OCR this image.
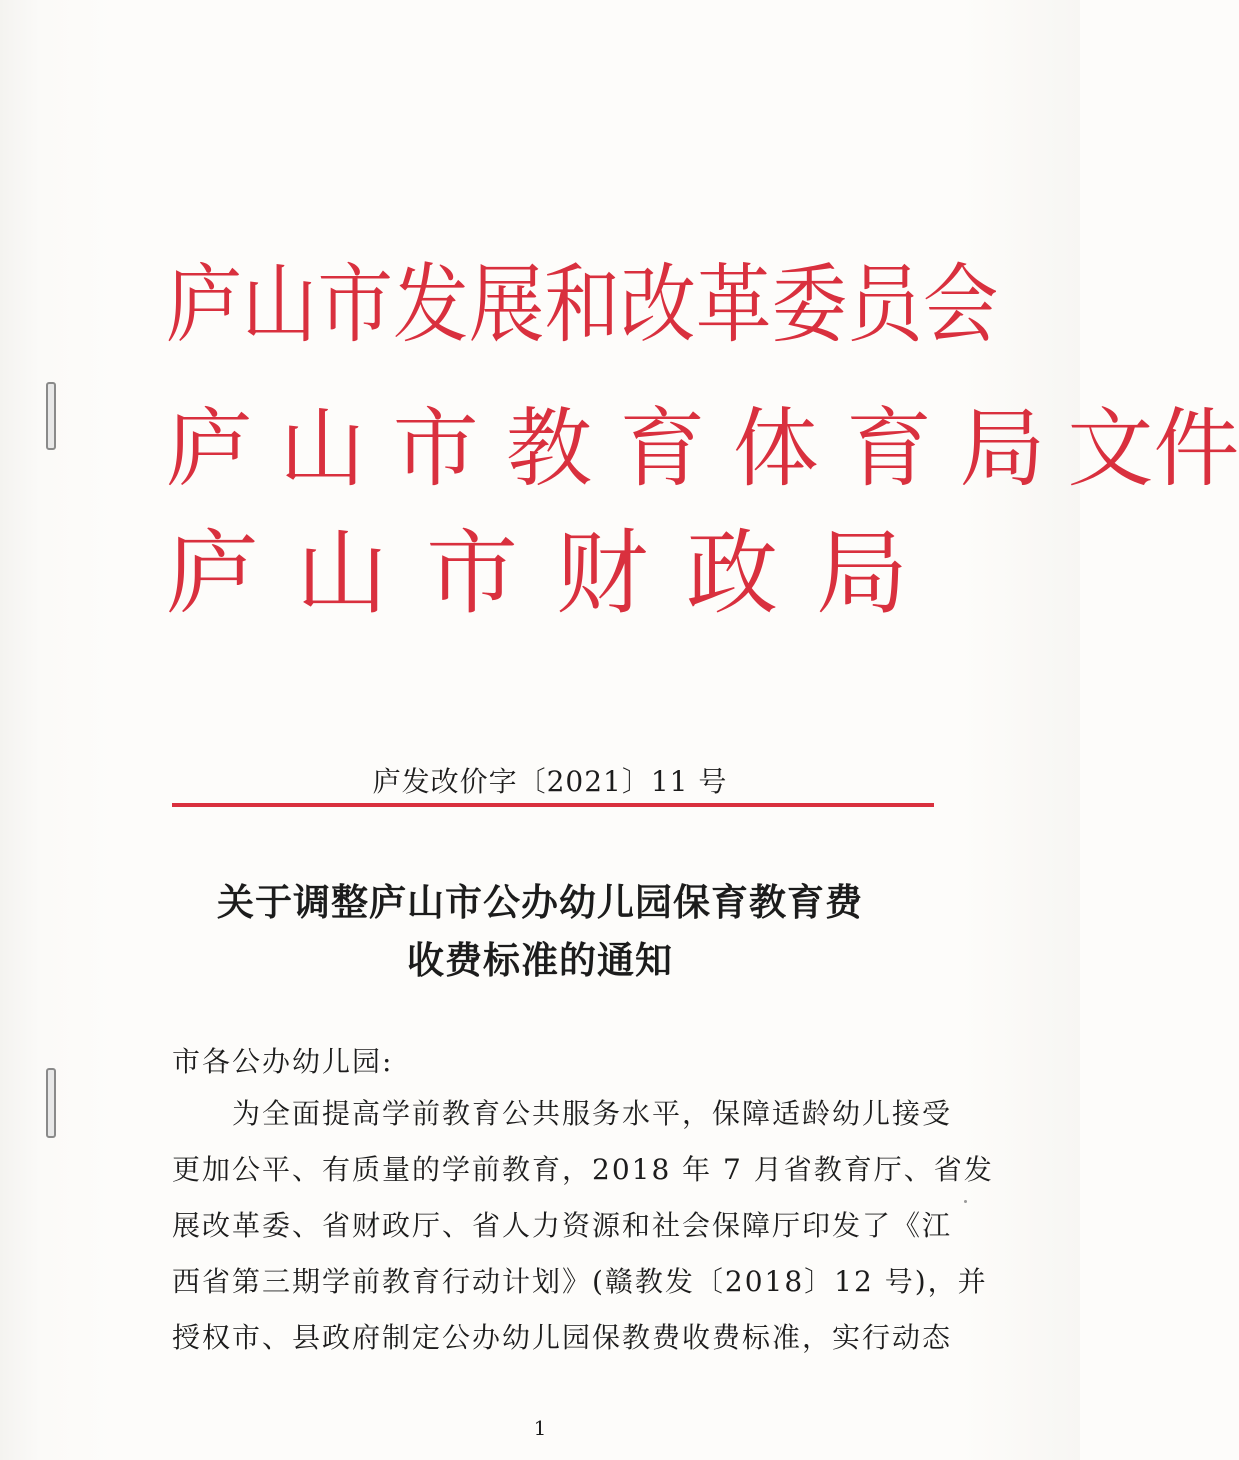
庐山市发展和改革委员会
庐 山 市 教 育 体 育 局 文件
庐山市财政局
庐发改价字〔2021〕11 号
关于调整庐山市公办幼儿园保育教育费
收费标准的通知
市各公办幼儿园:
为全面提高学前教育公共服务水平，保障适龄幼儿接受
更加公平、有质量的学前教育，2018 年 7 月省教育厅、省发
展改革委、省财政厅、省人力资源和社会保障厅印发了《江
西省第三期学前教育行动计划》(赣教发〔2018〕12 号)，并
授权市、县政府制定公办幼儿园保教费收费标准，实行动态
1
